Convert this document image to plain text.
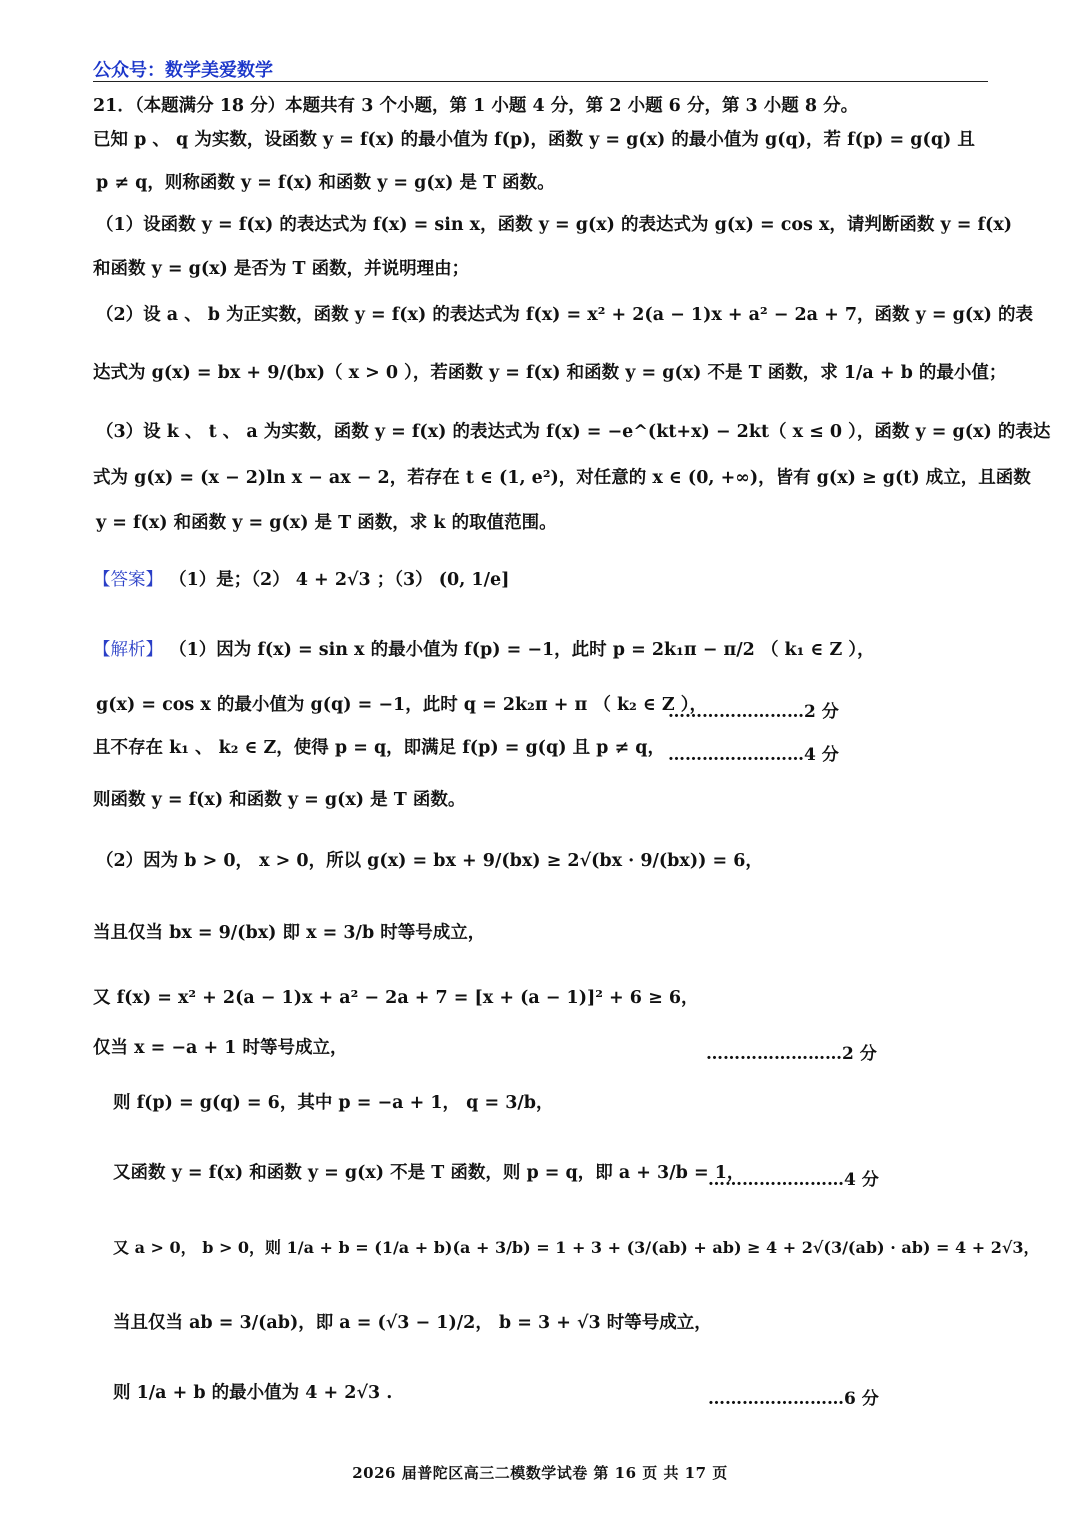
公众号：数学美爱数学
21．（本题满分 18 分）本题共有 3 个小题，第 1 小题 4 分，第 2 小题 6 分，第 3 小题 8 分。
已知 p 、 q 为实数，设函数 y = f(x) 的最小值为 f(p)，函数 y = g(x) 的最小值为 g(q)，若 f(p) = g(q) 且
p ≠ q，则称函数 y = f(x) 和函数 y = g(x) 是 T 函数。
（1）设函数 y = f(x) 的表达式为 f(x) = sin x，函数 y = g(x) 的表达式为 g(x) = cos x，请判断函数 y = f(x)
和函数 y = g(x) 是否为 T 函数，并说明理由；
（2）设 a 、 b 为正实数，函数 y = f(x) 的表达式为 f(x) = x² + 2(a − 1)x + a² − 2a + 7，函数 y = g(x) 的表
达式为 g(x) = bx + 9/(bx)（ x > 0 ），若函数 y = f(x) 和函数 y = g(x) 不是 T 函数，求 1/a + b 的最小值；
（3）设 k 、 t 、 a 为实数，函数 y = f(x) 的表达式为 f(x) = −e^(kt+x) − 2kt（ x ≤ 0 ），函数 y = g(x) 的表达
式为 g(x) = (x − 2)ln x − ax − 2，若存在 t ∈ (1, e²)，对任意的 x ∈ (0, +∞)，皆有 g(x) ≥ g(t) 成立，且函数
y = f(x) 和函数 y = g(x) 是 T 函数，求 k 的取值范围。
【答案】 （1）是；（2） 4 + 2√3 ；（3） (0, 1/e]
【解析】 （1）因为 f(x) = sin x 的最小值为 f(p) = −1，此时 p = 2k₁π − π/2 （ k₁ ∈ Z ），
g(x) = cos x 的最小值为 g(q) = −1，此时 q = 2k₂π + π （ k₂ ∈ Z ），
……………………2 分
且不存在 k₁ 、 k₂ ∈ Z，使得 p = q，即满足 f(p) = g(q) 且 p ≠ q， ……………………4 分
则函数 y = f(x) 和函数 y = g(x) 是 T 函数。
（2）因为 b > 0， x > 0，所以 g(x) = bx + 9/(bx) ≥ 2√(bx · 9/(bx)) = 6，
当且仅当 bx = 9/(bx) 即 x = 3/b 时等号成立，
又 f(x) = x² + 2(a − 1)x + a² − 2a + 7 = [x + (a − 1)]² + 6 ≥ 6，
仅当 x = −a + 1 时等号成立，	……………………2 分
则 f(p) = g(q) = 6，其中 p = −a + 1， q = 3/b，
又函数 y = f(x) 和函数 y = g(x) 不是 T 函数，则 p = q，即 a + 3/b = 1，
……………………4 分
又 a > 0， b > 0，则 1/a + b = (1/a + b)(a + 3/b) = 1 + 3 + (3/(ab) + ab) ≥ 4 + 2√(3/(ab) · ab) = 4 + 2√3，
当且仅当 ab = 3/(ab)，即 a = (√3 − 1)/2， b = 3 + √3 时等号成立，
则 1/a + b 的最小值为 4 + 2√3 .	……………………6 分
2026 届普陀区高三二模数学试卷 第 16 页 共 17 页
